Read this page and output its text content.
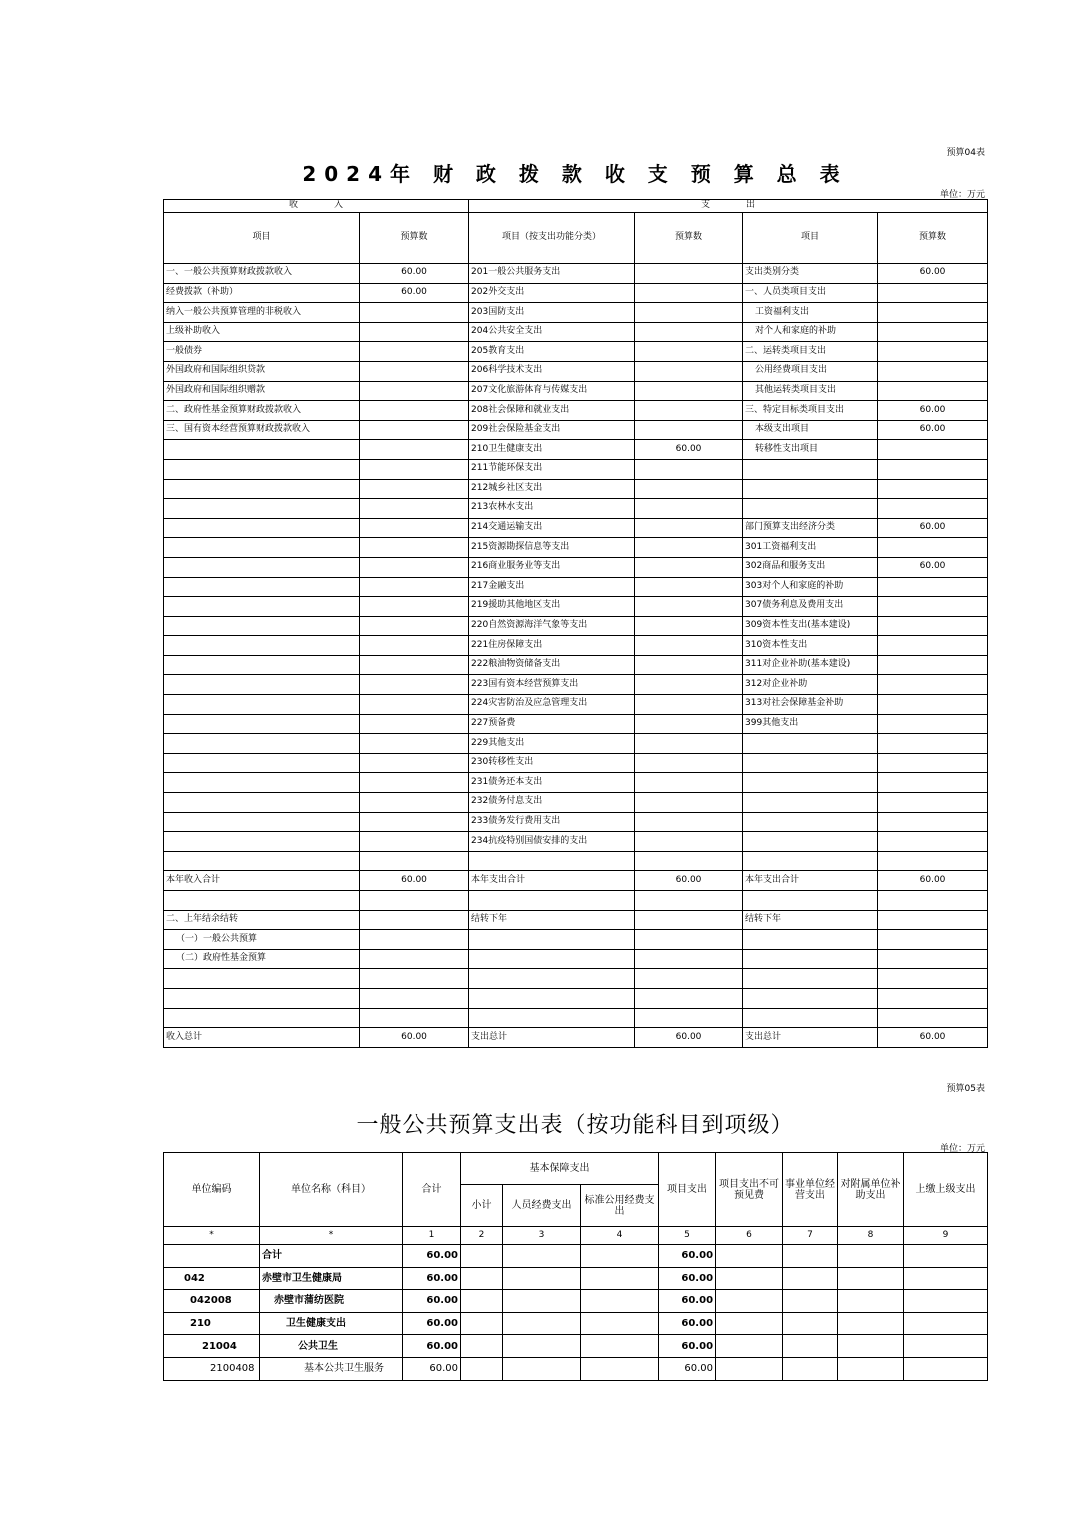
预算04表
2024年 财 政 拨 款 收 支 预 算 总 表
单位：万元
收　　　　入		支　　　　出			
项目	预算数	项目（按支出功能分类）	预算数	项目	预算数
一、一般公共预算财政拨款收入	60.00	201一般公共服务支出		支出类别分类	60.00
经费拨款（补助）	60.00	202外交支出		一、人员类项目支出	
纳入一般公共预算管理的非税收入		203国防支出		工资福利支出	
上级补助收入		204公共安全支出		对个人和家庭的补助	
一般债券		205教育支出		二、运转类项目支出	
外国政府和国际组织贷款		206科学技术支出		公用经费项目支出	
外国政府和国际组织赠款		207文化旅游体育与传媒支出		其他运转类项目支出	
二、政府性基金预算财政拨款收入		208社会保障和就业支出		三、特定目标类项目支出	60.00
三、国有资本经营预算财政拨款收入		209社会保险基金支出		本级支出项目	60.00
		210卫生健康支出	60.00	转移性支出项目	
		211节能环保支出			
		212城乡社区支出			
		213农林水支出			
		214交通运输支出		部门预算支出经济分类	60.00
		215资源勘探信息等支出		301工资福利支出	
		216商业服务业等支出		302商品和服务支出	60.00
		217金融支出		303对个人和家庭的补助	
		219援助其他地区支出		307债务利息及费用支出	
		220自然资源海洋气象等支出		309资本性支出(基本建设)	
		221住房保障支出		310资本性支出	
		222粮油物资储备支出		311对企业补助(基本建设)	
		223国有资本经营预算支出		312对企业补助	
		224灾害防治及应急管理支出		313对社会保障基金补助	
		227预备费		399其他支出	
		229其他支出			
		230转移性支出			
		231债务还本支出			
		232债务付息支出			
		233债务发行费用支出			
		234抗疫特别国债安排的支出			

本年收入合计	60.00	本年支出合计	60.00	本年支出合计	60.00

二、上年结余结转		结转下年		结转下年	
（一）一般公共预算					
（二）政府性基金预算					

收入总计	60.00	支出总计	60.00	支出总计	60.00
预算05表
一般公共预算支出表（按功能科目到项级）
单位：万元
单位编码	单位名称（科目）	合计	基本保障支出			项目支出	项目支出不可预见费	事业单位经营支出	对附属单位补助支出	上缴上级支出
			小计	人员经费支出	标准公用经费支出					
*	*	1	2	3	4	5	6	7	8	9
	合计	60.00				60.00				
042	赤壁市卫生健康局	60.00				60.00				
042008	赤壁市蒲纺医院	60.00				60.00				
210	卫生健康支出	60.00				60.00				
21004	公共卫生	60.00				60.00				
2100408	基本公共卫生服务	60.00				60.00				
